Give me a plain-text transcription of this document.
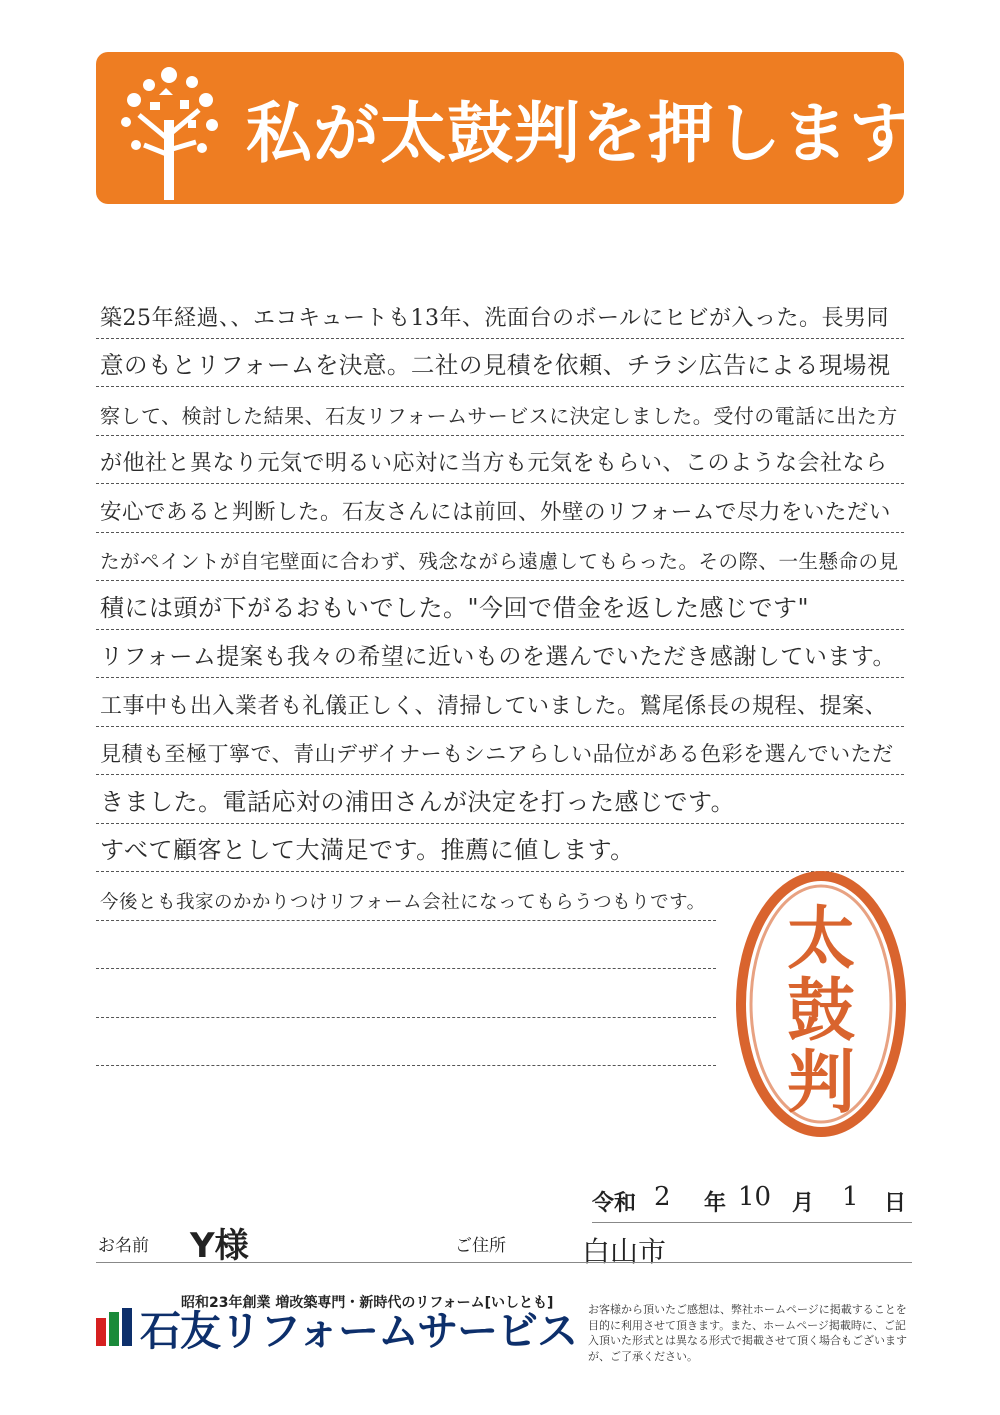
私が太鼓判を押します!
築25年経過、、エコキュートも13年、洗面台のボールにヒビが入った。長男同
意のもとリフォームを決意。二社の見積を依頼、チラシ広告による現場視
察して、検討した結果、石友リフォームサービスに決定しました。受付の電話に出た方
が他社と異なり元気で明るい応対に当方も元気をもらい、このような会社なら
安心であると判断した。石友さんには前回、外壁のリフォームで尽力をいただい
たがペイントが自宅壁面に合わず、残念ながら遠慮してもらった。その際、一生懸命の見
積には頭が下がるおもいでした。"今回で借金を返した感じです"
リフォーム提案も我々の希望に近いものを選んでいただき感謝しています。
工事中も出入業者も礼儀正しく、清掃していました。鷲尾係長の規程、提案、
見積も至極丁寧で、青山デザイナーもシニアらしい品位がある色彩を選んでいただ
きました。電話応対の浦田さんが決定を打った感じです。
すべて顧客として大満足です。推薦に値します。
今後とも我家のかかりつけリフォーム会社になってもらうつもりです。 太
鼓
判
令和 2 年 10 月 1 日
お名前 Y様	ご住所	白山市
昭和23年創業 増改築専門・新時代のリフォーム[いしとも]
石友リフォームサービス お客様から頂いたご感想は、弊社ホームページに掲載することを目的に利用させて頂きます。また、ホームページ掲載時に、ご記入頂いた形式とは異なる形式で掲載させて頂く場合もございますが、ご了承ください。
